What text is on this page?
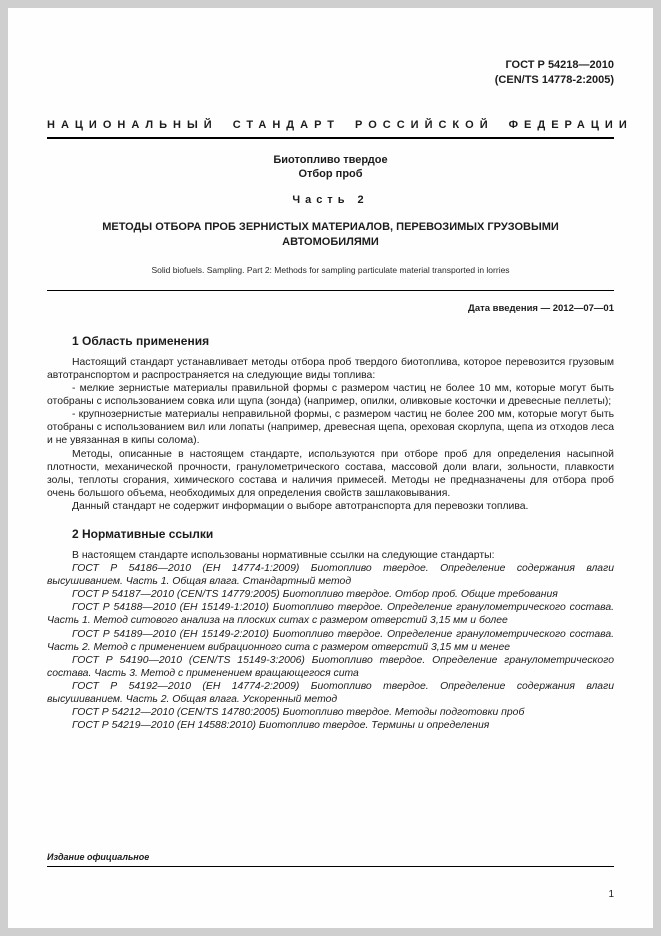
ГОСТ Р 54218—2010
(CEN/TS 14778-2:2005)
НАЦИОНАЛЬНЫЙ СТАНДАРТ РОССИЙСКОЙ ФЕДЕРАЦИИ
Биотопливо твердое
Отбор проб
Часть 2
МЕТОДЫ ОТБОРА ПРОБ ЗЕРНИСТЫХ МАТЕРИАЛОВ, ПЕРЕВОЗИМЫХ ГРУЗОВЫМИ АВТОМОБИЛЯМИ
Solid biofuels. Sampling. Part 2: Methods for sampling particulate material transported in lorries
Дата введения — 2012—07—01
1 Область применения

Настоящий стандарт устанавливает методы отбора проб твердого биотоплива, которое перевозится грузовым автотранспортом и распространяется на следующие виды топлива:

- мелкие зернистые материалы правильной формы с размером частиц не более 10 мм, которые могут быть отобраны с использованием совка или щупа (зонда) (например, опилки, оливковые косточки и древесные пеллеты);

- крупнозернистые материалы неправильной формы, с размером частиц не более 200 мм, которые могут быть отобраны с использованием вил или лопаты (например, древесная щепа, ореховая скорлупа, щепа из отходов леса и не увязанная в кипы солома).

Методы, описанные в настоящем стандарте, используются при отборе проб для определения насыпной плотности, механической прочности, гранулометрического состава, массовой доли влаги, зольности, плавкости золы, теплоты сгорания, химического состава и наличия примесей. Методы не предназначены для отбора проб очень большого объема, необходимых для определения свойств зашлаковывания.

Данный стандарт не содержит информации о выборе автотранспорта для перевозки топлива.

2 Нормативные ссылки

В настоящем стандарте использованы нормативные ссылки на следующие стандарты:

ГОСТ Р 54186—2010 (ЕН 14774-1:2009) Биотопливо твердое. Определение содержания влаги высушиванием. Часть 1. Общая влага. Стандартный метод

ГОСТ Р 54187—2010 (CEN/TS 14779:2005) Биотопливо твердое. Отбор проб. Общие требования

ГОСТ Р 54188—2010 (ЕН 15149-1:2010) Биотопливо твердое. Определение гранулометрического состава. Часть 1. Метод ситового анализа на плоских ситах с размером отверстий 3,15 мм и более

ГОСТ Р 54189—2010 (ЕН 15149-2:2010) Биотопливо твердое. Определение гранулометрического состава. Часть 2. Метод с применением вибрационного сита с размером отверстий 3,15 мм и менее

ГОСТ Р 54190—2010 (CEN/TS 15149-3:2006) Биотопливо твердое. Определение гранулометрического состава. Часть 3. Метод с применением вращающегося сита

ГОСТ Р 54192—2010 (ЕН 14774-2:2009) Биотопливо твердое. Определение содержания влаги высушиванием. Часть 2. Общая влага. Ускоренный метод

ГОСТ Р 54212—2010 (CEN/TS 14780:2005) Биотопливо твердое. Методы подготовки проб

ГОСТ Р 54219—2010 (ЕН 14588:2010) Биотопливо твердое. Термины и определения

Издание официальное
1
